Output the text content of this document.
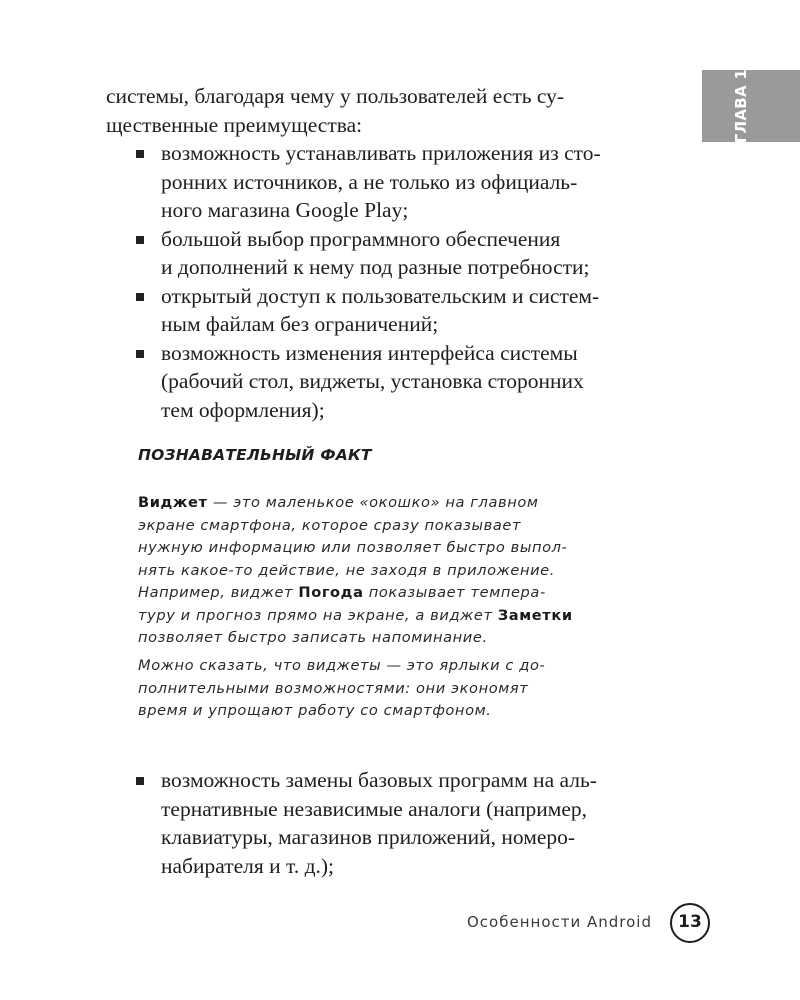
ГЛАВА 1
системы, благодаря чему у пользователей есть су-
щественные преимущества:
возможность устанавливать приложения из сто-
ронних источников, а не только из официаль-
ного магазина Google Play;
большой выбор программного обеспечения
и дополнений к нему под разные потребности;
открытый доступ к пользовательским и систем-
ным файлам без ограничений;
возможность изменения интерфейса системы
(рабочий стол, виджеты, установка сторонних
тем оформления);
ПОЗНАВАТЕЛЬНЫЙ ФАКТ
Виджет — это маленькое «окошко» на главном
экране смартфона, которое сразу показывает
нужную информацию или позволяет быстро выпол-
нять какое-то действие, не заходя в приложение.
Например, виджет Погода показывает темпера-
туру и прогноз прямо на экране, а виджет Заметки
позволяет быстро записать напоминание.
Можно сказать, что виджеты — это ярлыки с до-
полнительными возможностями: они экономят
время и упрощают работу со смартфоном.
возможность замены базовых программ на аль-
тернативные независимые аналоги (например,
клавиатуры, магазинов приложений, номеро-
набирателя и т. д.);
Особенности Android	13
